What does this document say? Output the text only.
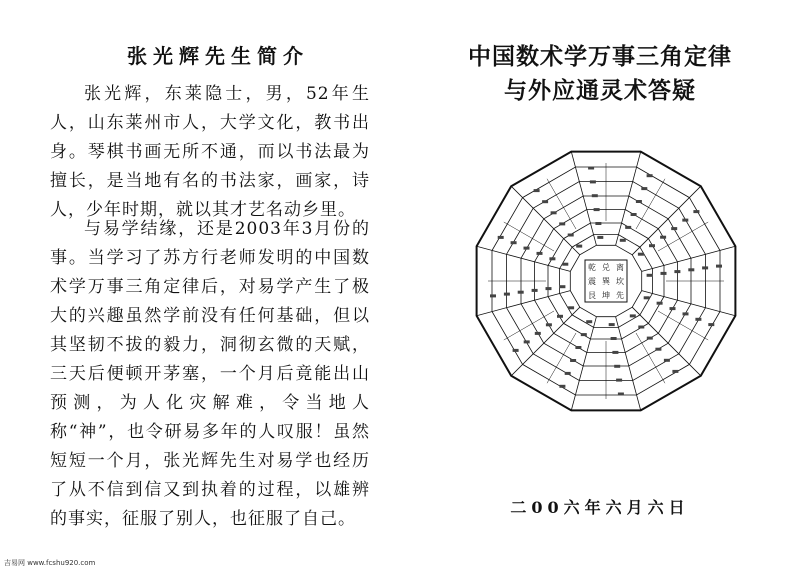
张光辉先生简介

张光辉，东莱隐士，男，52年生人，山东莱州市人，大学文化，教书出身。琴棋书画无所不通，而以书法最为擅长，是当地有名的书法家，画家，诗人，少年时期，就以其才艺名动乡里。

与易学结缘，还是2003年3月份的事。当学习了苏方行老师发明的中国数术学万事三角定律后，对易学产生了极大的兴趣虽然学前没有任何基础，但以其坚韧不拔的毅力，洞彻玄微的天赋，三天后便顿开茅塞，一个月后竟能出山预测，为人化灾解难，令当地人称“神”，也令研易多年的人叹服！虽然短短一个月，张光辉先生对易学也经历了从不信到信又到执着的过程，以雄辨的事实，征服了别人，也征服了自己。

中国数术学万事三角定律
与外应通灵术答疑
乾 兑 离
震 巽 坎
艮 坤 先
二00六年六月六日
吉易网 www.fcshu920.com
